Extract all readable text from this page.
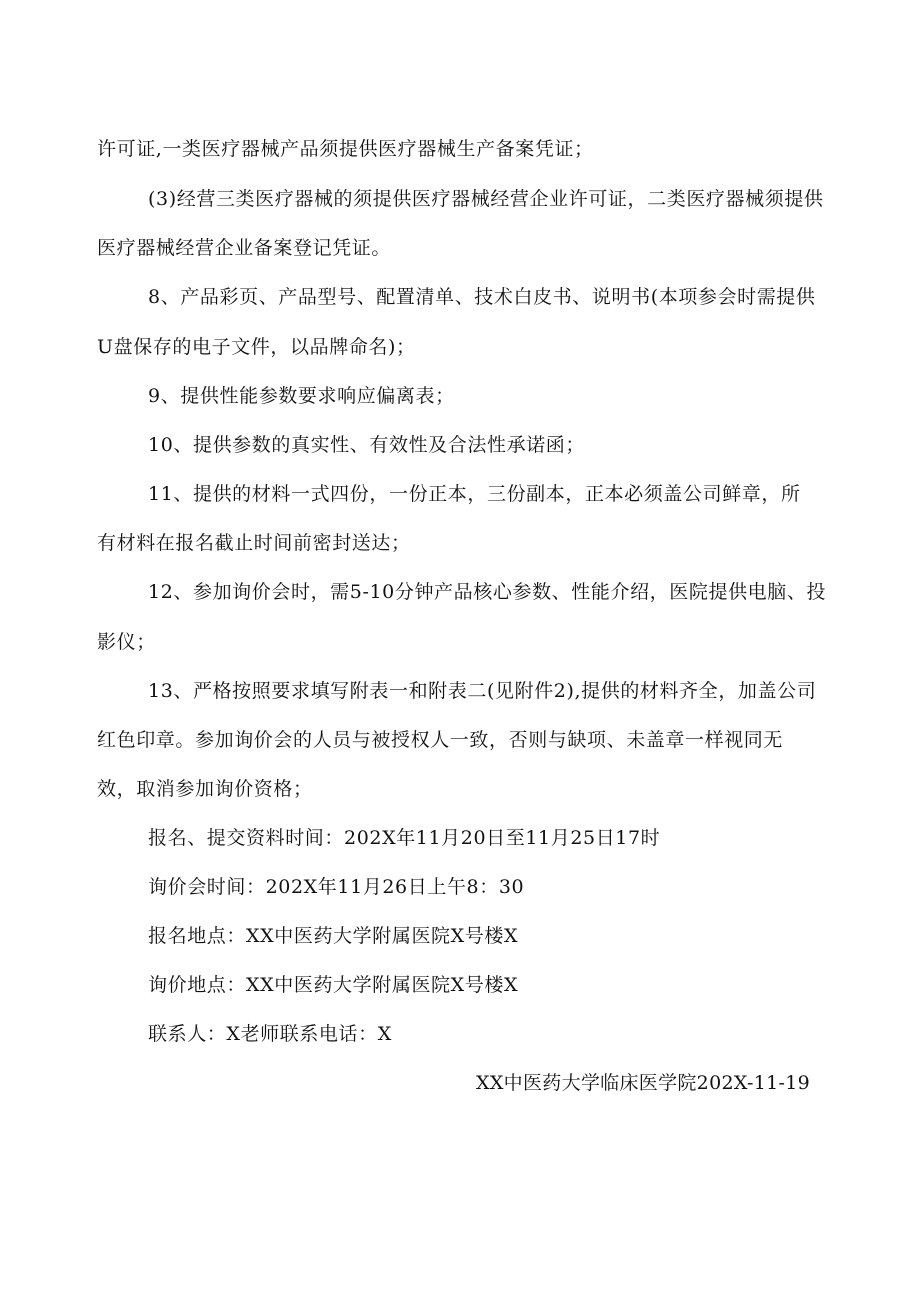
许可证,一类医疗器械产品须提供医疗器械生产备案凭证；
(3)经营三类医疗器械的须提供医疗器械经营企业许可证，二类医疗器械须提供
医疗器械经营企业备案登记凭证。
8、产品彩页、产品型号、配置清单、技术白皮书、说明书(本项参会时需提供
U盘保存的电子文件，以品牌命名)；
9、提供性能参数要求响应偏离表；
10、提供参数的真实性、有效性及合法性承诺函；
11、提供的材料一式四份，一份正本，三份副本，正本必须盖公司鲜章，所
有材料在报名截止时间前密封送达；
12、参加询价会时，需5-10分钟产品核心参数、性能介绍，医院提供电脑、投
影仪；
13、严格按照要求填写附表一和附表二(见附件2),提供的材料齐全，加盖公司
红色印章。参加询价会的人员与被授权人一致，否则与缺项、未盖章一样视同无
效，取消参加询价资格；
报名、提交资料时间：202X年11月20日至11月25日17时
询价会时间：202X年11月26日上午8：30
报名地点：XX中医药大学附属医院X号楼X
询价地点：XX中医药大学附属医院X号楼X
联系人：X老师联系电话：X
XX中医药大学临床医学院202X-11-19
